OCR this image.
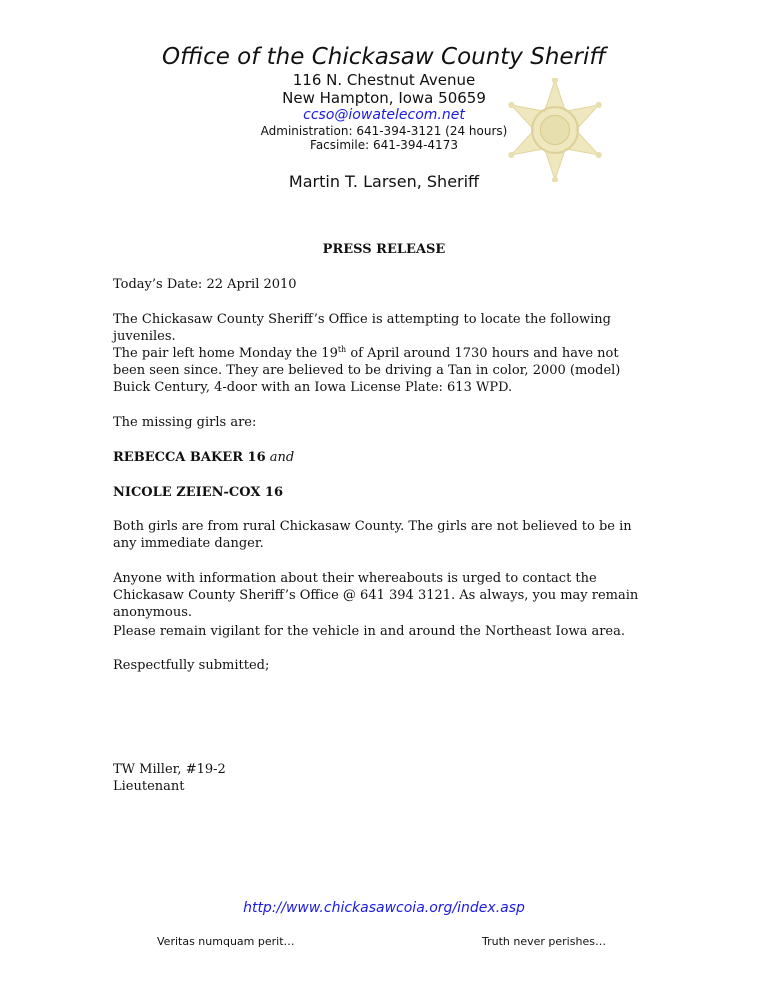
Office of the Chickasaw County Sheriff
116 N. Chestnut Avenue
New Hampton, Iowa 50659
ccso@iowatelecom.net
Administration: 641-394-3121 (24 hours)
Facsimile: 641-394-4173
Martin T. Larsen, Sheriff
PRESS RELEASE
Today’s Date: 22 April 2010
The Chickasaw County Sheriff’s Office is attempting to locate the following juveniles.
The pair left home Monday the 19th of April around 1730 hours and have not been seen since. They are believed to be driving a Tan in color, 2000 (model) Buick Century, 4-door with an Iowa License Plate: 613 WPD.
The missing girls are:
REBECCA BAKER 16 and
NICOLE ZEIEN-COX 16
Both girls are from rural Chickasaw County. The girls are not believed to be in any immediate danger.
Anyone with information about their whereabouts is urged to contact the Chickasaw County Sheriff’s Office @ 641 394 3121. As always, you may remain anonymous.
Please remain vigilant for the vehicle in and around the Northeast Iowa area.
Respectfully submitted;
TW Miller, #19-2
Lieutenant
http://www.chickasawcoia.org/index.asp
Veritas numquam perit…	Truth never perishes…
